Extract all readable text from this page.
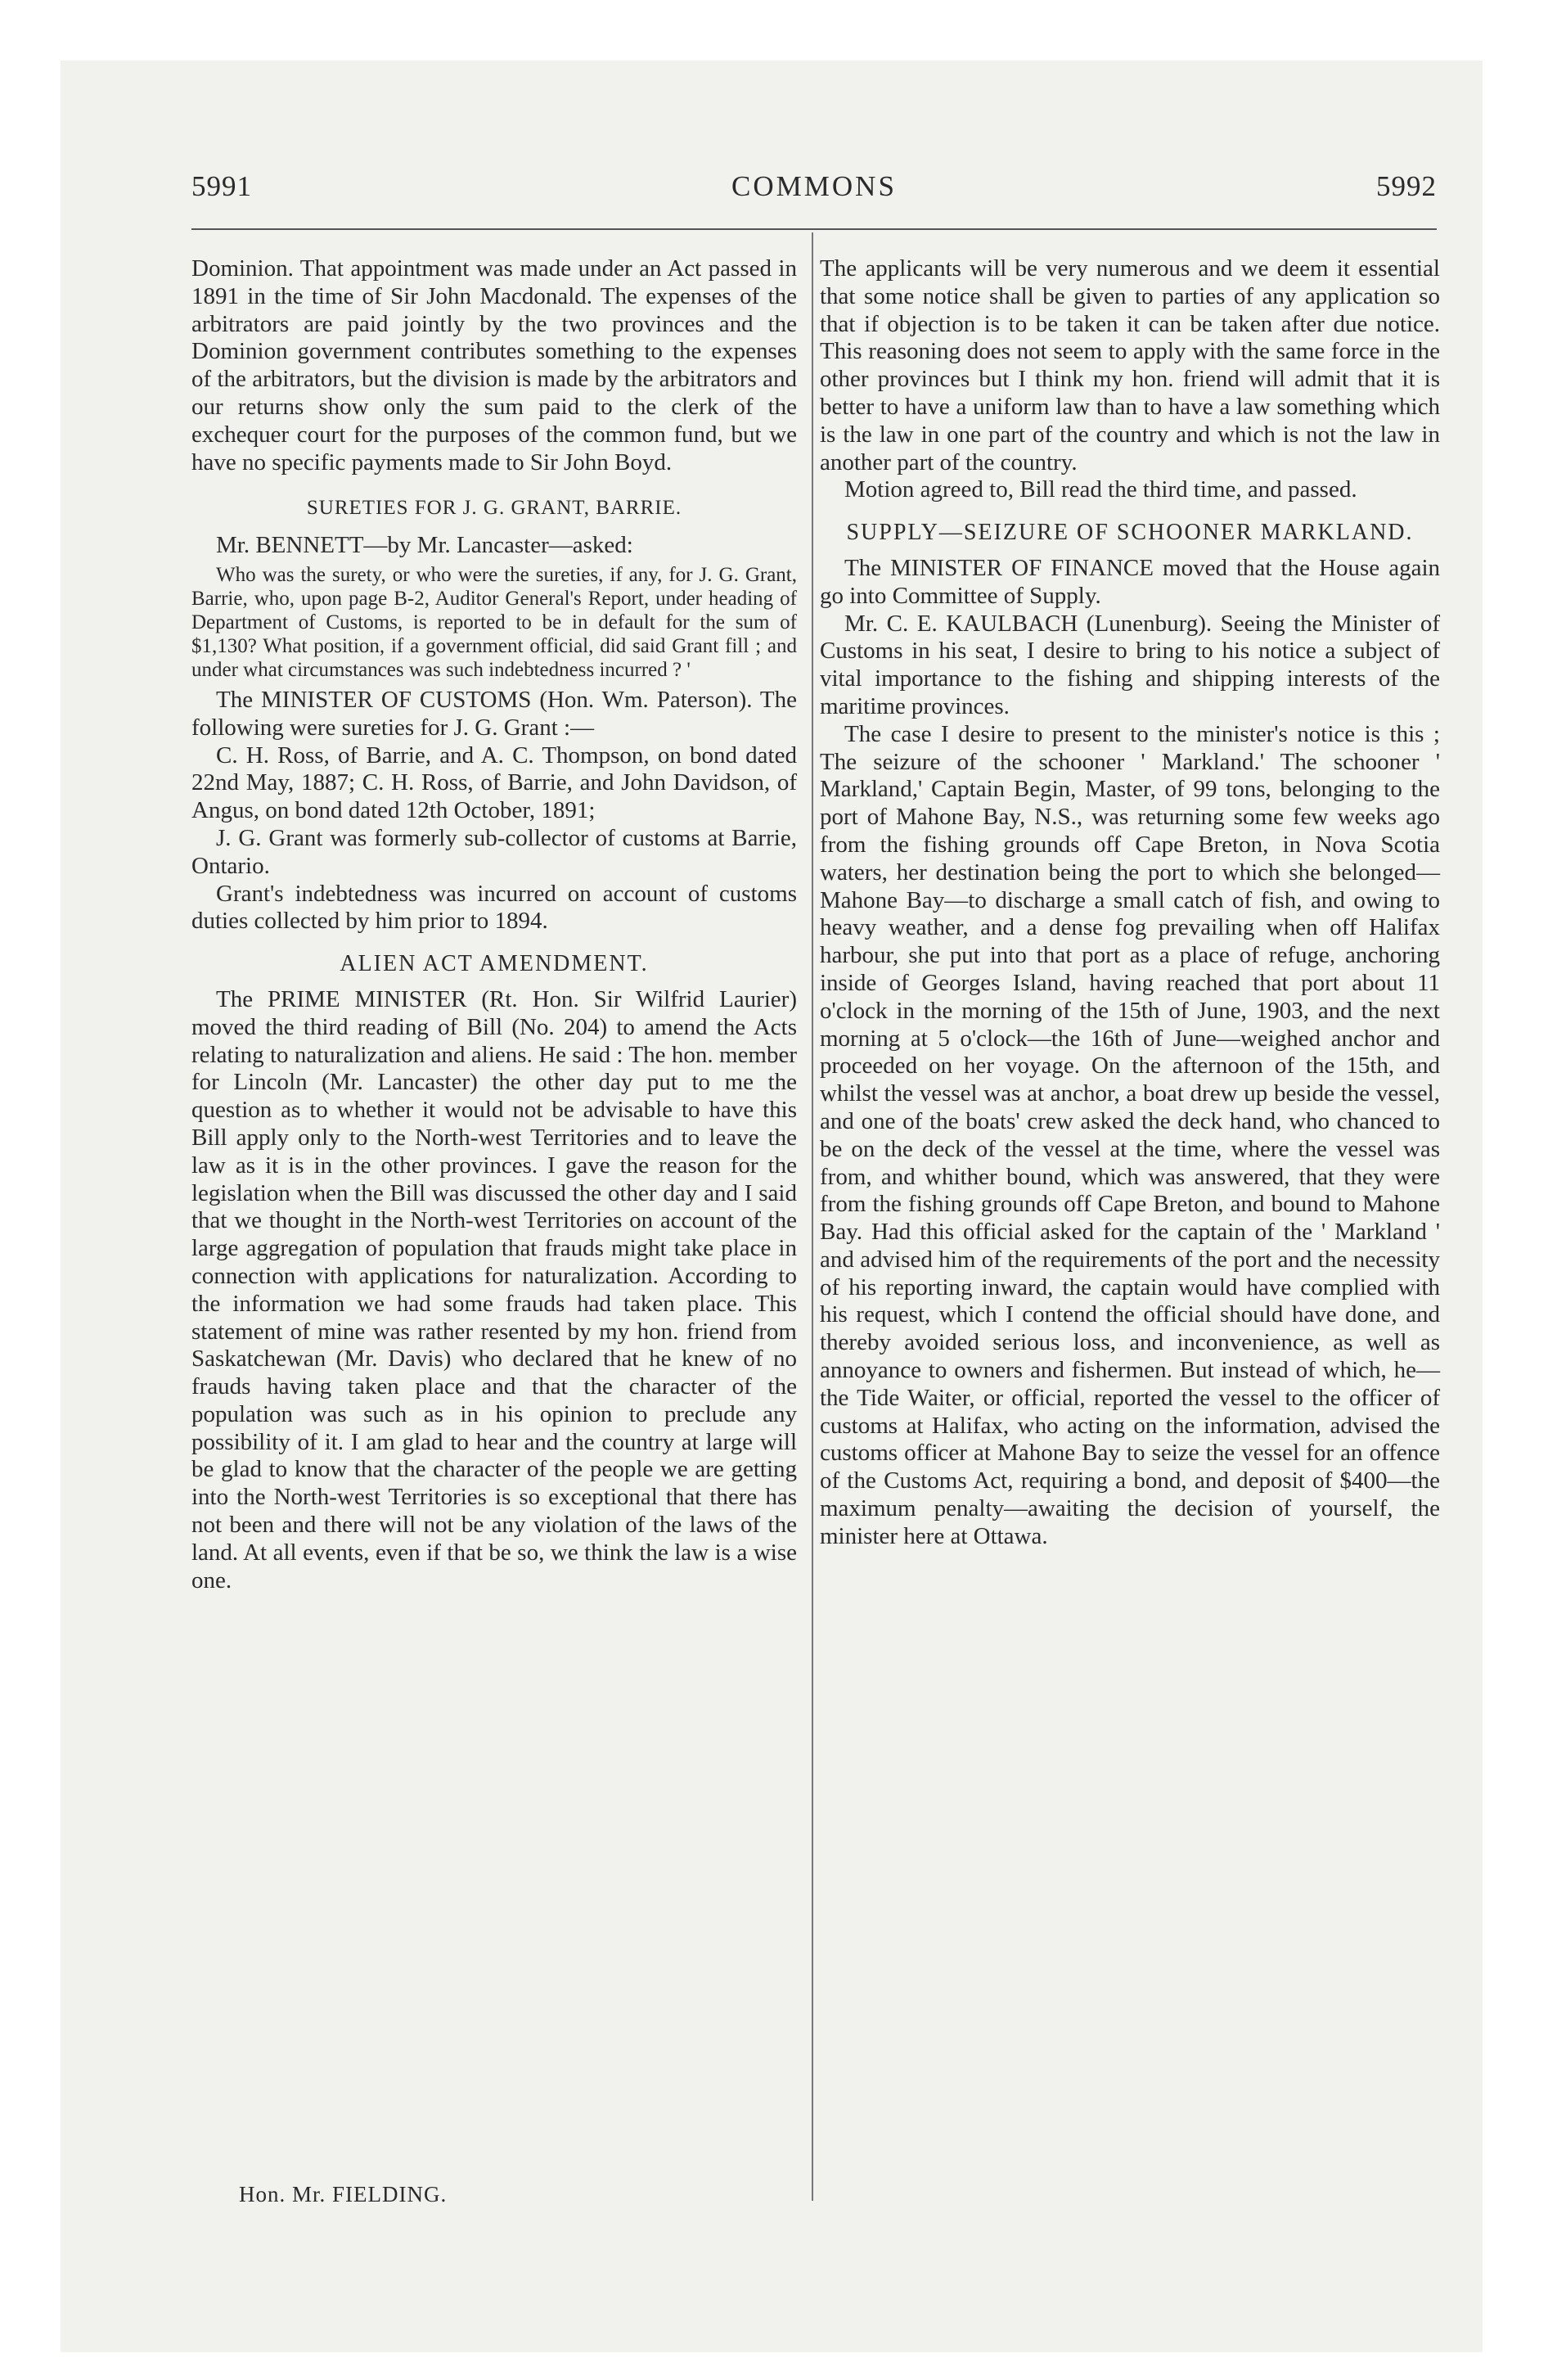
5991	COMMONS	5992

Dominion. That appointment was made under an Act passed in 1891 in the time of Sir John Macdonald. The expenses of the arbitrators are paid jointly by the two provinces and the Dominion government contributes something to the expenses of the arbitrators, but the division is made by the arbitrators and our returns show only the sum paid to the clerk of the exchequer court for the purposes of the common fund, but we have no specific payments made to Sir John Boyd.

SURETIES FOR J. G. GRANT, BARRIE.

Mr. BENNETT—by Mr. Lancaster—asked:

Who was the surety, or who were the sureties, if any, for J. G. Grant, Barrie, who, upon page B-2, Auditor General's Report, under heading of Department of Customs, is reported to be in default for the sum of $1,130? What position, if a government official, did said Grant fill ; and under what circumstances was such indebtedness incurred ? '

The MINISTER OF CUSTOMS (Hon. Wm. Paterson). The following were sureties for J. G. Grant :—

C. H. Ross, of Barrie, and A. C. Thompson, on bond dated 22nd May, 1887; C. H. Ross, of Barrie, and John Davidson, of Angus, on bond dated 12th October, 1891;

J. G. Grant was formerly sub-collector of customs at Barrie, Ontario.

Grant's indebtedness was incurred on account of customs duties collected by him prior to 1894.

ALIEN ACT AMENDMENT.

The PRIME MINISTER (Rt. Hon. Sir Wilfrid Laurier) moved the third reading of Bill (No. 204) to amend the Acts relating to naturalization and aliens. He said : The hon. member for Lincoln (Mr. Lancaster) the other day put to me the question as to whether it would not be advisable to have this Bill apply only to the North-west Territories and to leave the law as it is in the other provinces. I gave the reason for the legislation when the Bill was discussed the other day and I said that we thought in the North-west Territories on account of the large aggregation of population that frauds might take place in connection with applications for naturalization. According to the information we had some frauds had taken place. This statement of mine was rather resented by my hon. friend from Saskatchewan (Mr. Davis) who declared that he knew of no frauds having taken place and that the character of the population was such as in his opinion to preclude any possibility of it. I am glad to hear and the country at large will be glad to know that the character of the people we are getting into the North-west Territories is so exceptional that there has not been and there will not be any violation of the laws of the land. At all events, even if that be so, we think the law is a wise one.

The applicants will be very numerous and we deem it essential that some notice shall be given to parties of any application so that if objection is to be taken it can be taken after due notice. This reasoning does not seem to apply with the same force in the other provinces but I think my hon. friend will admit that it is better to have a uniform law than to have a law something which is the law in one part of the country and which is not the law in another part of the country.

Motion agreed to, Bill read the third time, and passed.

SUPPLY—SEIZURE OF SCHOONER MARKLAND.

The MINISTER OF FINANCE moved that the House again go into Committee of Supply.

Mr. C. E. KAULBACH (Lunenburg). Seeing the Minister of Customs in his seat, I desire to bring to his notice a subject of vital importance to the fishing and shipping interests of the maritime provinces.

The case I desire to present to the minister's notice is this ; The seizure of the schooner ' Markland.' The schooner ' Markland,' Captain Begin, Master, of 99 tons, belonging to the port of Mahone Bay, N.S., was returning some few weeks ago from the fishing grounds off Cape Breton, in Nova Scotia waters, her destination being the port to which she belonged—Mahone Bay—to discharge a small catch of fish, and owing to heavy weather, and a dense fog prevailing when off Halifax harbour, she put into that port as a place of refuge, anchoring inside of Georges Island, having reached that port about 11 o'clock in the morning of the 15th of June, 1903, and the next morning at 5 o'clock—the 16th of June—weighed anchor and proceeded on her voyage. On the afternoon of the 15th, and whilst the vessel was at anchor, a boat drew up beside the vessel, and one of the boats' crew asked the deck hand, who chanced to be on the deck of the vessel at the time, where the vessel was from, and whither bound, which was answered, that they were from the fishing grounds off Cape Breton, and bound to Mahone Bay. Had this official asked for the captain of the ' Markland ' and advised him of the requirements of the port and the necessity of his reporting inward, the captain would have complied with his request, which I contend the official should have done, and thereby avoided serious loss, and inconvenience, as well as annoyance to owners and fishermen. But instead of which, he—the Tide Waiter, or official, reported the vessel to the officer of customs at Halifax, who acting on the information, advised the customs officer at Mahone Bay to seize the vessel for an offence of the Customs Act, requiring a bond, and deposit of $400—the maximum penalty—awaiting the decision of yourself, the minister here at Ottawa.

Hon. Mr. FIELDING.
